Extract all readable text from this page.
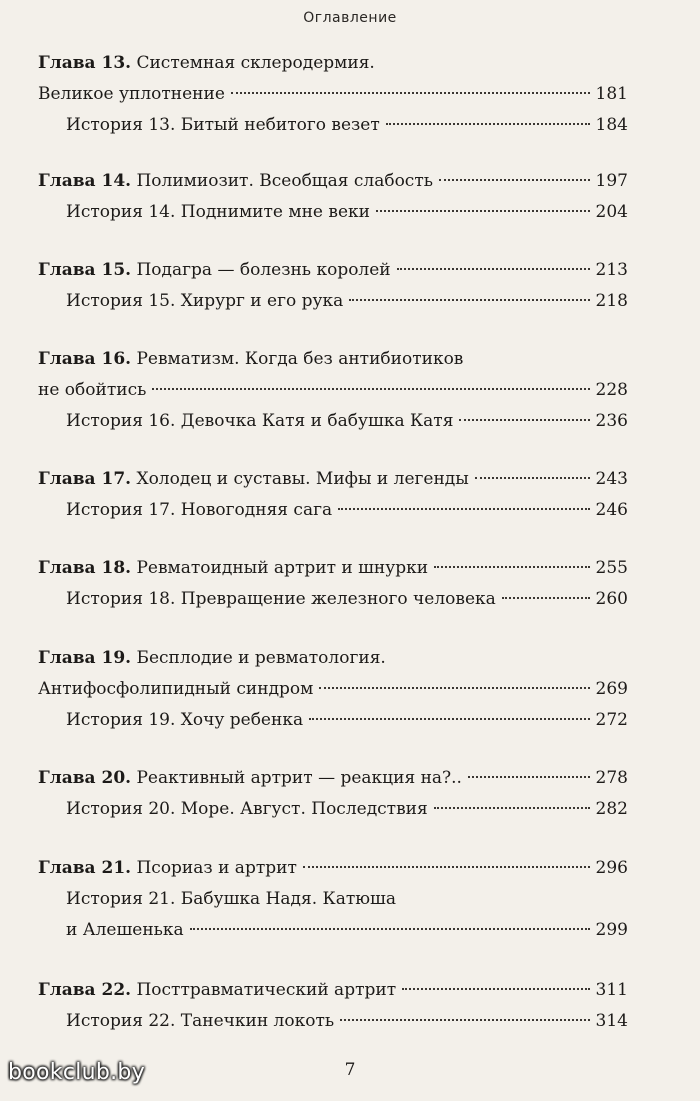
Оглавление
Глава 13. Системная склеродермия.
Великое уплотнение	181
История 13. Битый небитого везет	184
Глава 14. Полимиозит. Всеобщая слабость	197
История 14. Поднимите мне веки	204
Глава 15. Подагра — болезнь королей	213
История 15. Хирург и его рука	218
Глава 16. Ревматизм. Когда без антибиотиков
не обойтись	228
История 16. Девочка Катя и бабушка Катя	236
Глава 17. Холодец и суставы. Мифы и легенды	243
История 17. Новогодняя сага	246
Глава 18. Ревматоидный артрит и шнурки	255
История 18. Превращение железного человека	260
Глава 19. Бесплодие и ревматология.
Антифосфолипидный синдром	269
История 19. Хочу ребенка	272
Глава 20. Реактивный артрит — реакция на?..	278
История 20. Море. Август. Последствия	282
Глава 21. Псориаз и артрит	296
История 21. Бабушка Надя. Катюша
и Алешенька	299
Глава 22. Посттравматический артрит	311
История 22. Танечкин локоть	314
7
bookclub.by
